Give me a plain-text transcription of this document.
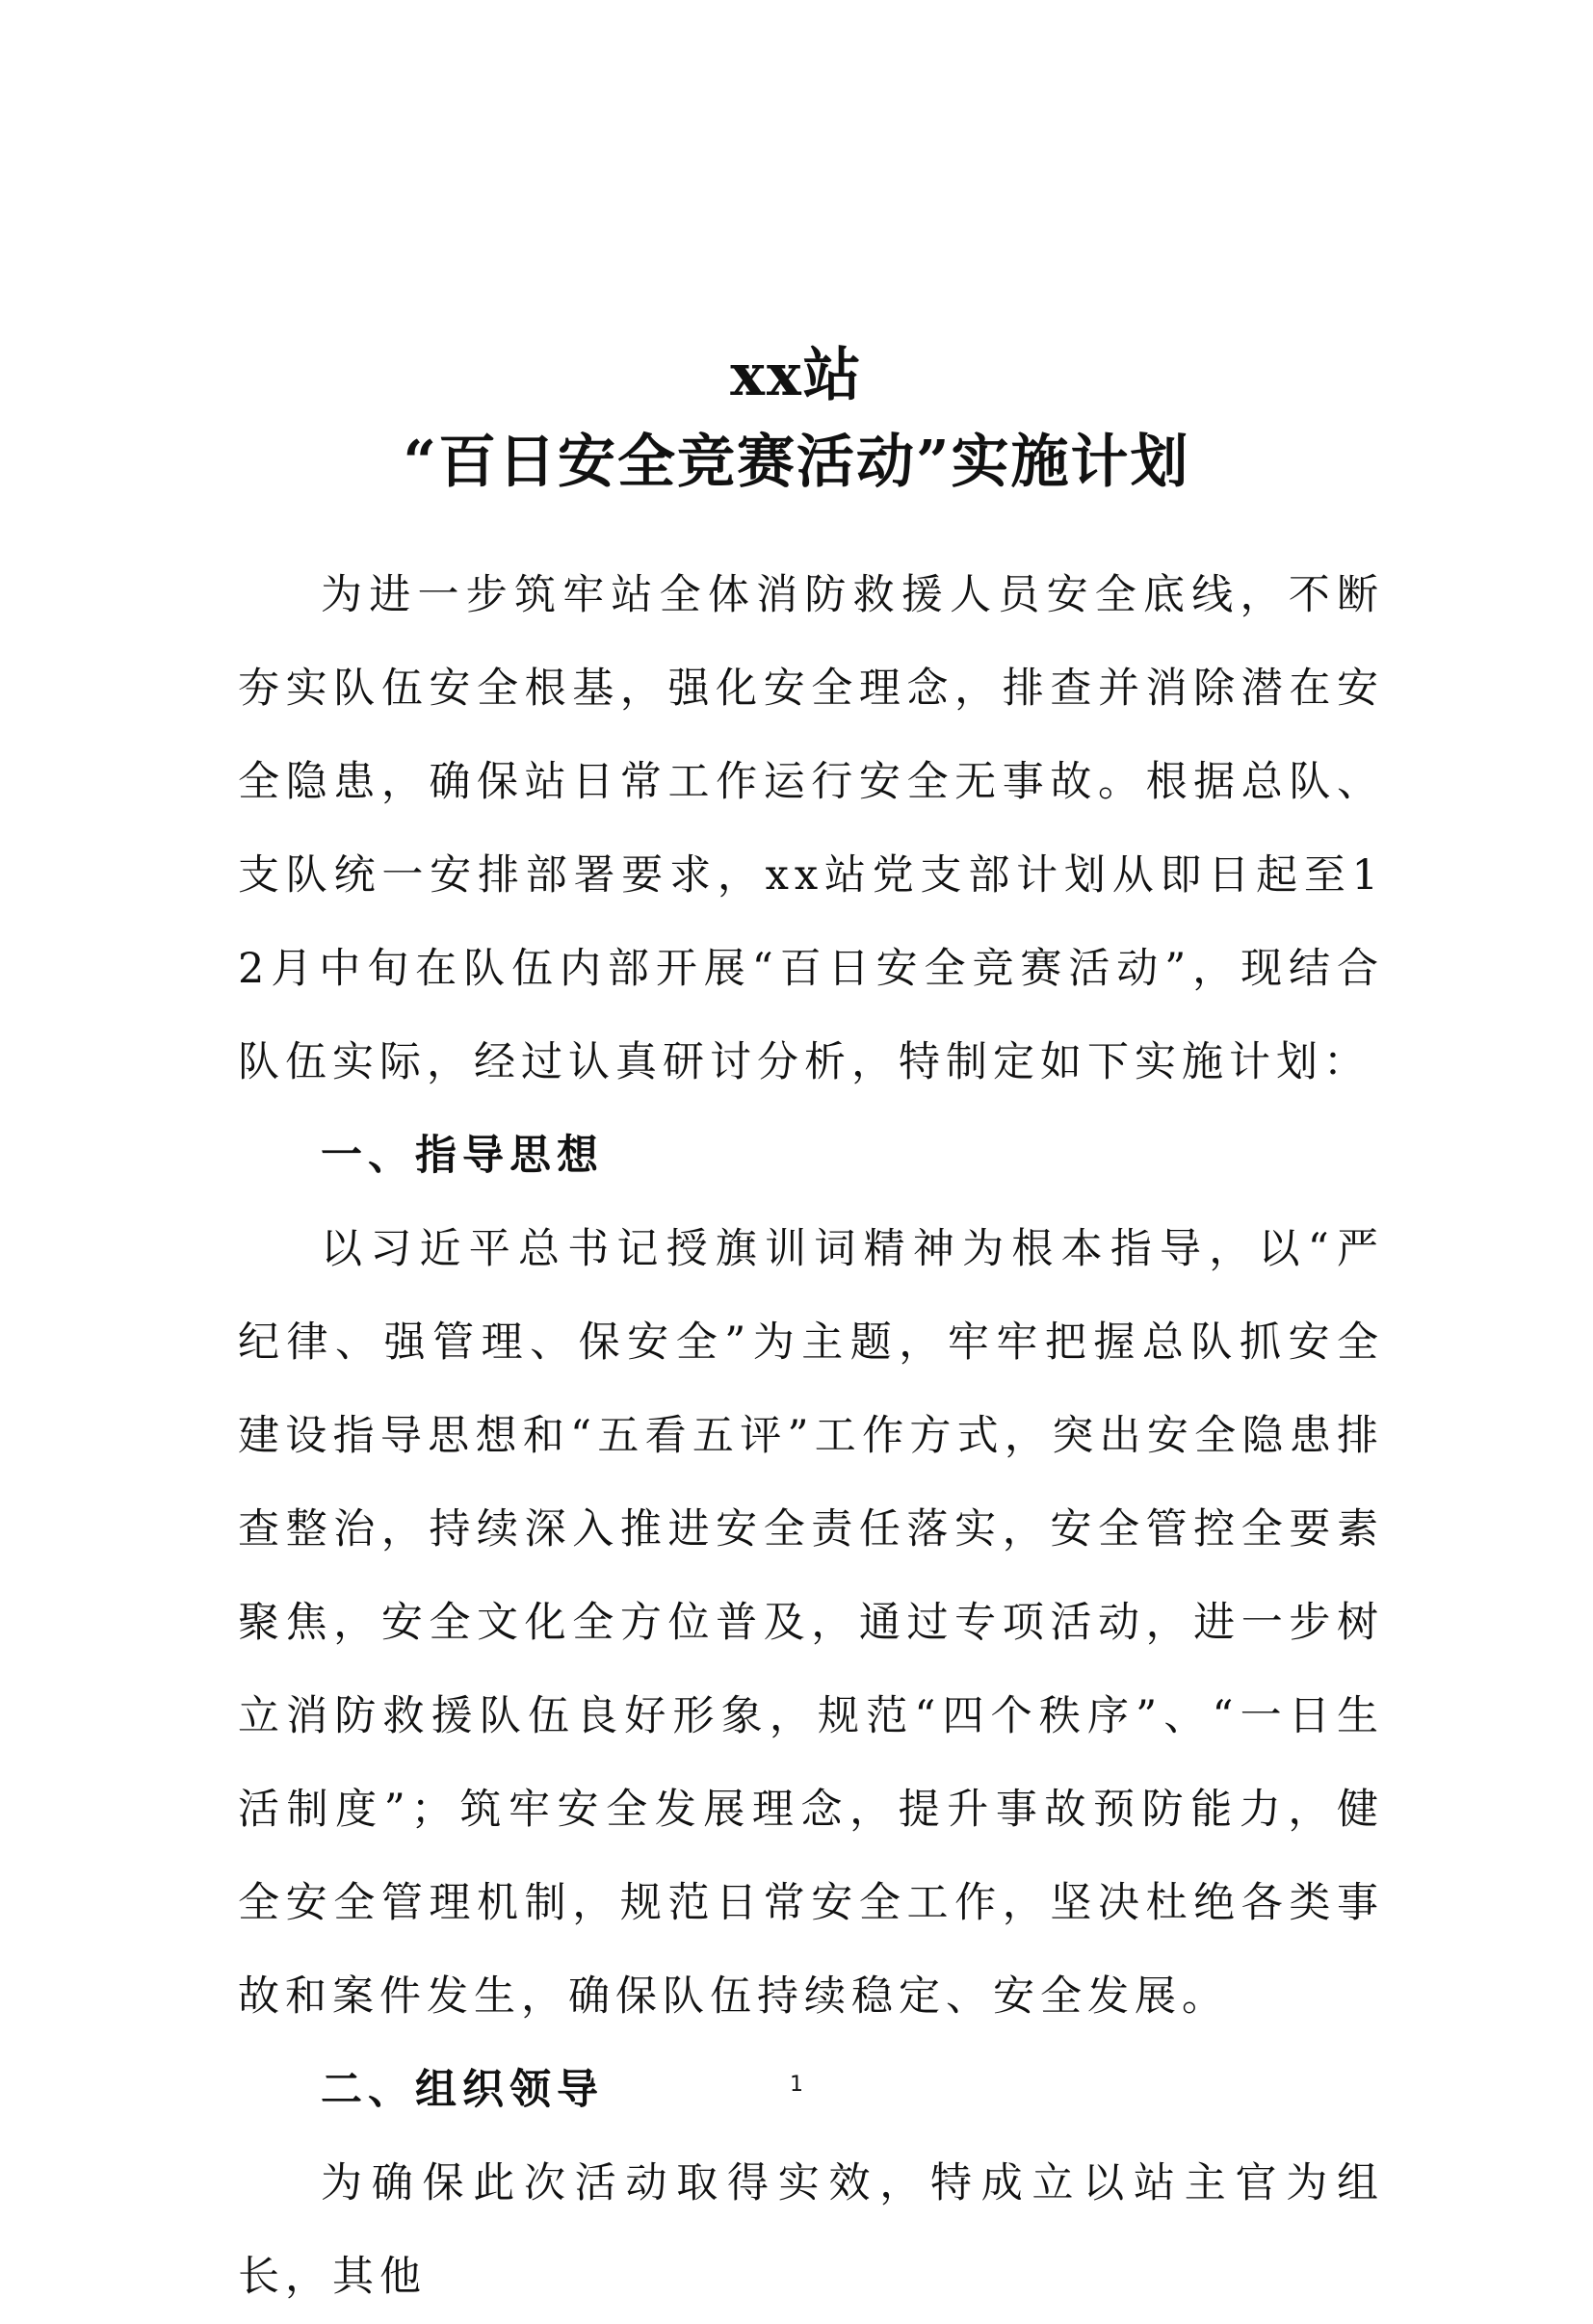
xx站
“百日安全竞赛活动”实施计划

为进一步筑牢站全体消防救援人员安全底线，不断夯实队伍安全根基，强化安全理念，排查并消除潜在安全隐患，确保站日常工作运行安全无事故。根据总队、支队统一安排部署要求，xx站党支部计划从即日起至12月中旬在队伍内部开展“百日安全竞赛活动”，现结合队伍实际，经过认真研讨分析，特制定如下实施计划：

一、指导思想

以习近平总书记授旗训词精神为根本指导，以“严纪律、强管理、保安全”为主题，牢牢把握总队抓安全建设指导思想和“五看五评”工作方式，突出安全隐患排查整治，持续深入推进安全责任落实，安全管控全要素聚焦，安全文化全方位普及，通过专项活动，进一步树立消防救援队伍良好形象，规范“四个秩序”、“一日生活制度”；筑牢安全发展理念，提升事故预防能力，健全安全管理机制，规范日常安全工作，坚决杜绝各类事故和案件发生，确保队伍持续稳定、安全发展。

二、组织领导

为确保此次活动取得实效，特成立以站主官为组长，其他

1
